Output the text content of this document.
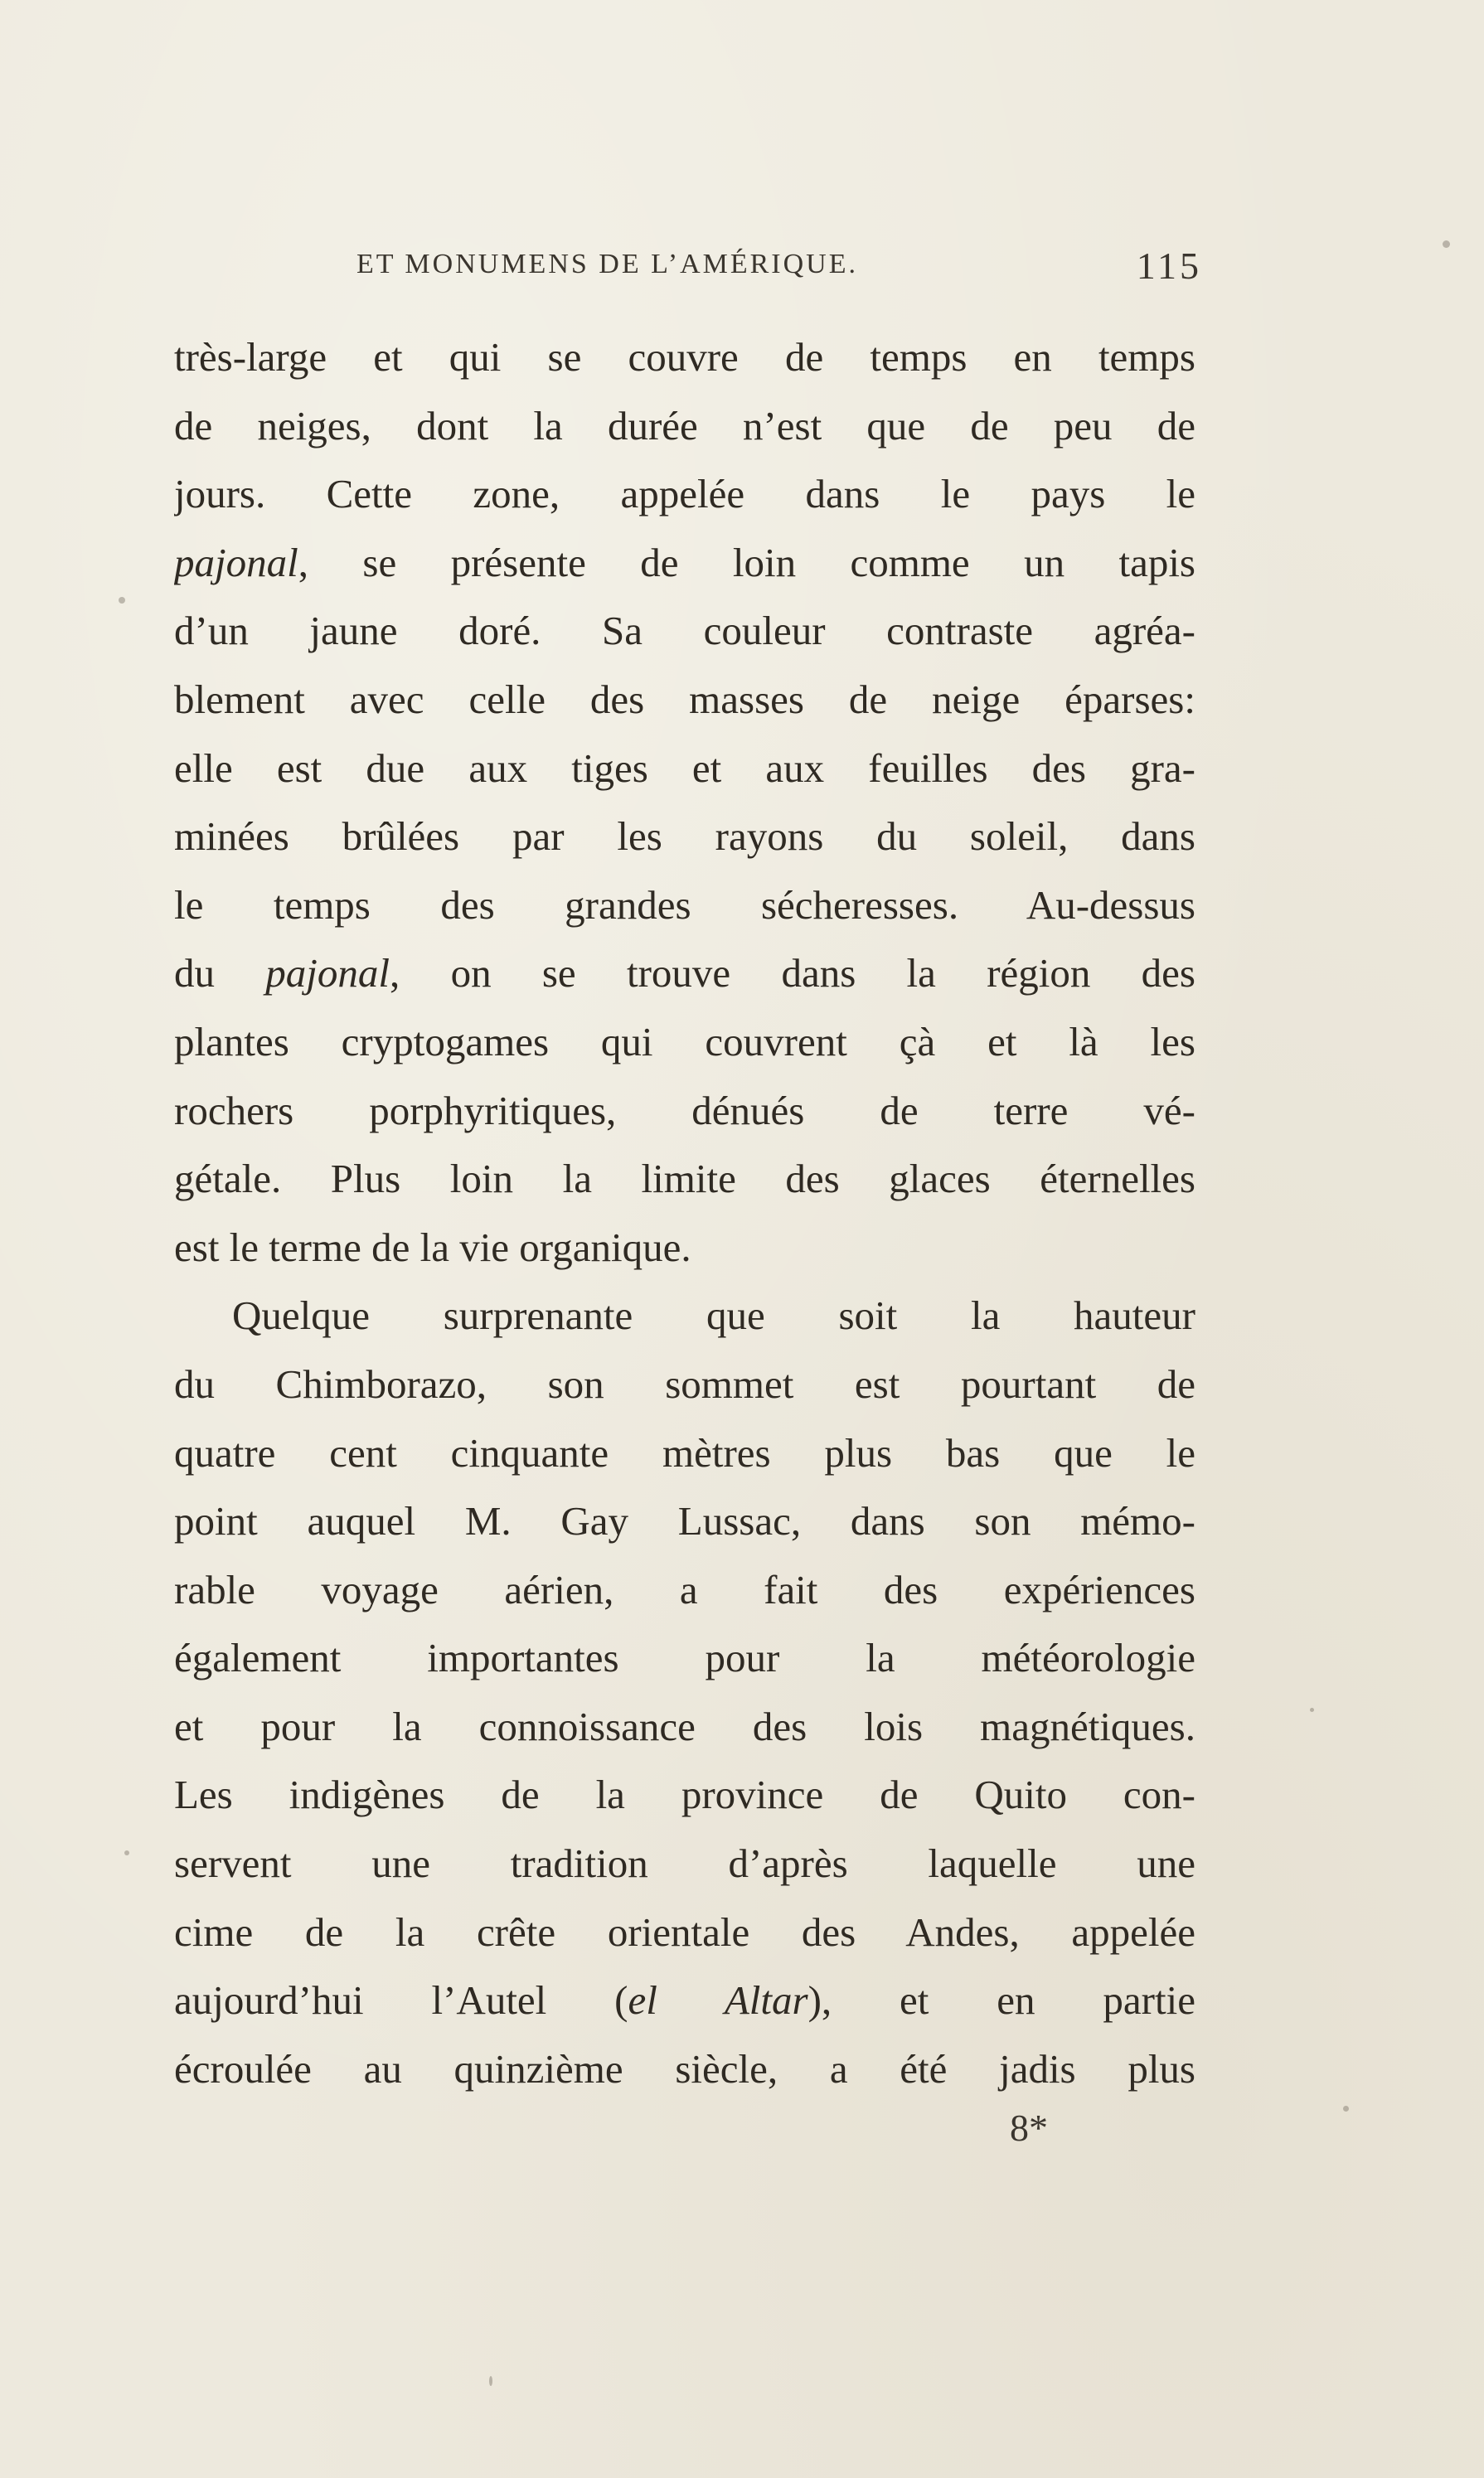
ET MONUMENS DE L’AMÉRIQUE.	115
très-large et qui se couvre de temps en temps
de neiges, dont la durée n’est que de peu de
jours. Cette zone, appelée dans le pays le
pajonal, se présente de loin comme un tapis
d’un jaune doré. Sa couleur contraste agréa-
blement avec celle des masses de neige éparses:
elle est due aux tiges et aux feuilles des gra-
minées brûlées par les rayons du soleil, dans
le temps des grandes sécheresses. Au-dessus
du pajonal, on se trouve dans la région des
plantes cryptogames qui couvrent çà et là les
rochers porphyritiques, dénués de terre vé-
gétale. Plus loin la limite des glaces éternelles
est le terme de la vie organique.
Quelque surprenante que soit la hauteur
du Chimborazo, son sommet est pourtant de
quatre cent cinquante mètres plus bas que le
point auquel M. Gay Lussac, dans son mémo-
rable voyage aérien, a fait des expériences
également importantes pour la météorologie
et pour la connoissance des lois magnétiques.
Les indigènes de la province de Quito con-
servent une tradition d’après laquelle une
cime de la crête orientale des Andes, appelée
aujourd’hui l’Autel (el Altar), et en partie
écroulée au quinzième siècle, a été jadis plus
8*
